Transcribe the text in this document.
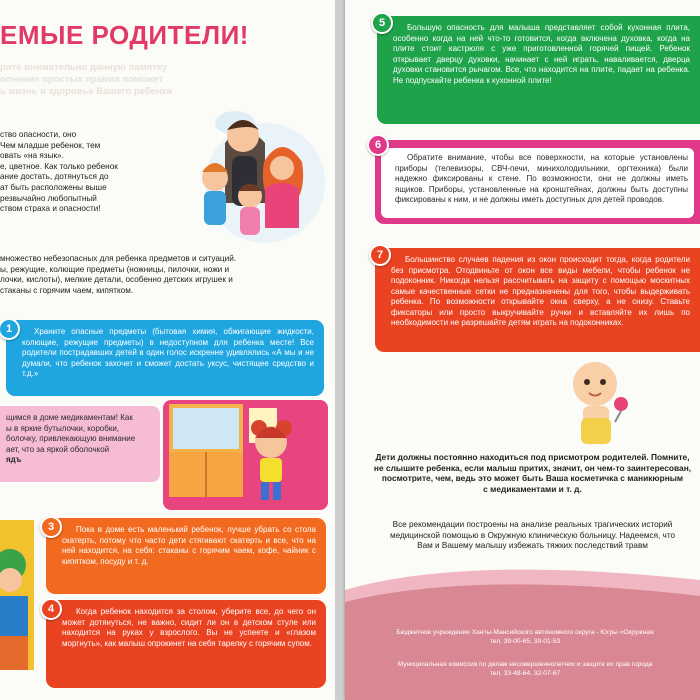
ЕМЫЕ РОДИТЕЛИ!
рите внимательно данную памятку
олнение простых правил поможет
ь жизнь и здоровье Вашего ребенка
ство опасности, оно
Чем младше ребенок, тем
овать «на язык».
е, цветное. Как только ребенок
ание достать, дотянуться до
ат быть расположены выше
резвычайно любопытный
ством страха и опасности!
множество небезопасных для ребенка предметов и ситуаций.
ы, режущие, колющие предметы (ножницы, пилочки, ножи и
лочки, кислоты), мелкие детали, особенно детских игрушек и
стаканы с горячим чаем, кипятком.
Храните опасные предметы (бытовая химия, обжигающие жидкости, колющие, режущие предметы) в недоступном для ребенка месте! Все родители пострадавших детей в один голос искренне удивлялись «А мы и не думали, что ребенок захочет и сможет достать уксус, чистящее средство и т.д.»
1
щимся в доме медикаментам! Как
ы в яркие бутылочки, коробки,
болочку, привлекающую внимание
ает, что за яркой оболочкой
ядъ
Пока в доме есть маленький ребенок, лучше убрать со стола скатерть, потому что часто дети стягивают скатерть и все, что на ней находится, на себя: стаканы с горячим чаем, кофе, чайник с кипятком, посуду и т. д.
3
Когда ребенок находится за столом, уберите все, до чего он может дотянуться, не важно, сидит ли он в детском стуле или находится на руках у взрослого. Вы не успеете и «глазом моргнуть», как малыш опрокинет на себя тарелку с горячим супом.
4
Большую опасность для малыша представляет собой кухонная плита, особенно когда на ней что-то готовится, когда включена духовка, когда на плите стоит кастрюля с уже приготовленной горячей пищей. Ребенок открывает дверцу духовки, начинает с ней играть, наваливается, дверца духовки становится рычагом. Все, что находится на плите, падает на ребенка. Не подпускайте ребенка к кухонной плите!
5
Обратите внимание, чтобы все поверхности, на которые установлены приборы (телевизоры, СВЧ-печи, минихолодильники, оргтехника) были надежно фиксированы к стене. По возможности, они не должны иметь ящиков. Приборы, установленные на кронштейнах, должны быть доступны фиксированы к ним, и не должны иметь доступных для детей проводов.
6
Большинство случаев падения из окон происходит тогда, когда родители без присмотра. Отодвиньте от окон все виды мебели, чтобы ребенок не подоконник. Никогда нельзя рассчитывать на защиту с помощью москитных самые качественные сетки не предназначены для того, чтобы выдерживать ребенка. По возможности открывайте окна сверху, а не снизу. Ставьте фиксаторы или просто выкручивайте ручки и вставляйте их лишь по необходимости не разрешайте детям играть на подоконниках.
7
Дети должны постоянно находиться под присмотром родителей. Помните,
не слышите ребенка, если малыш притих, значит, он чем-то заинтересован,
посмотрите, чем, ведь это может быть Ваша косметичка с маникюрным
с медикаментами и т. д.
Все рекомендации построены на анализе реальных трагических историй
медицинской помощью в Окружную клиническую больницу. Надеемся, что
Вам и Вашему малышу избежать тяжких последствий травм
Бюджетное учреждение Ханты-Мансийского автономного округа - Югры «Окружная
тел. 39-00-65, 39-01-53
Муниципальная комиссия по делам несовершеннолетних и защите их прав города
тел. 33-48-64, 32-07-67
